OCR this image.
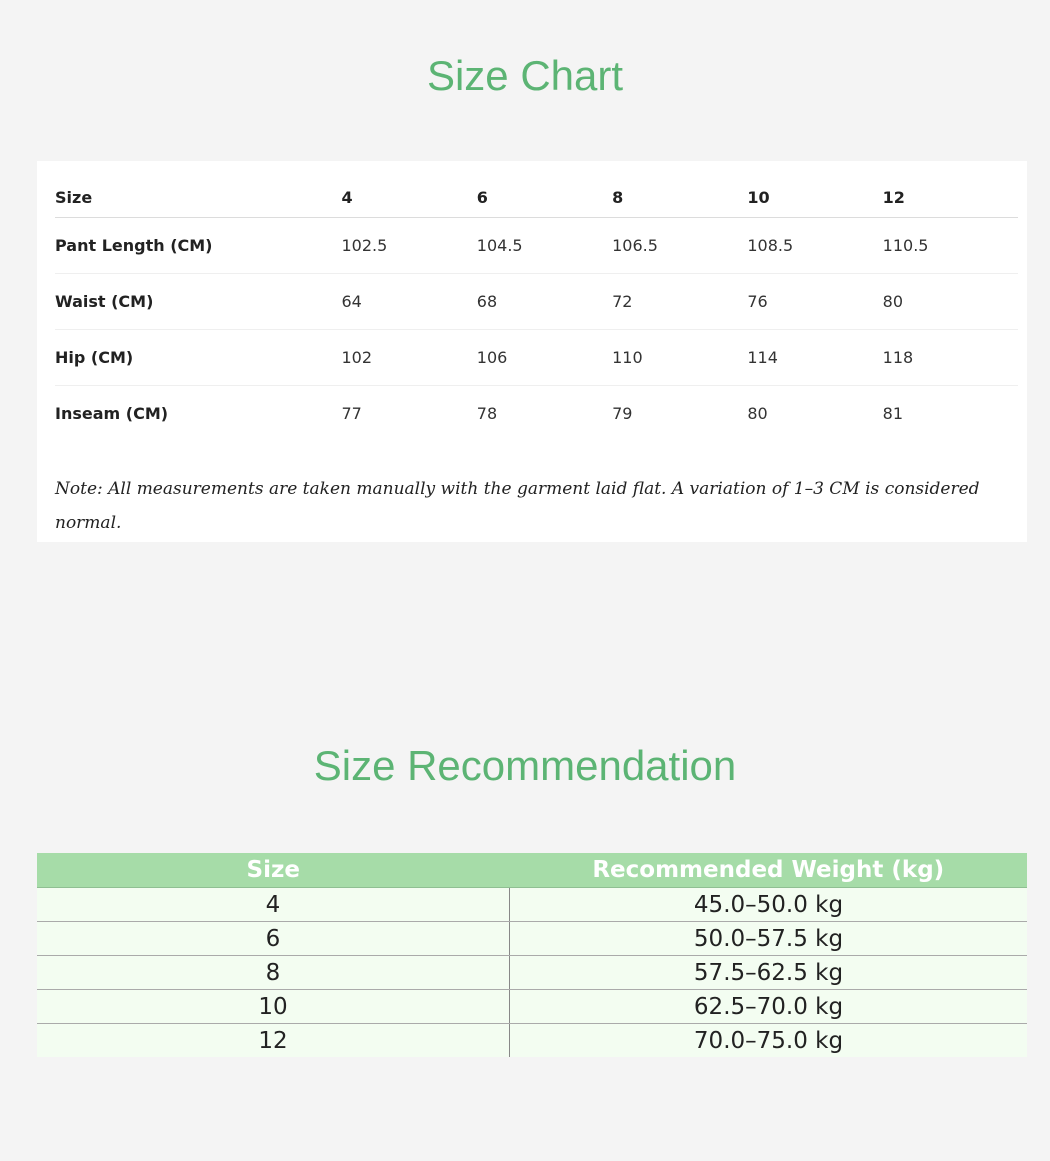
Size Chart
Size	4	6	8	10	12
Pant Length (CM)	102.5	104.5	106.5	108.5	110.5
Waist (CM)	64	68	72	76	80
Hip (CM)	102	106	110	114	118
Inseam (CM)	77	78	79	80	81

Note: All measurements are taken manually with the garment laid flat. A variation of 1–3 CM is considered normal.

Size Recommendation
Size	Recommended Weight (kg)
4	45.0–50.0 kg
6	50.0–57.5 kg
8	57.5–62.5 kg
10	62.5–70.0 kg
12	70.0–75.0 kg
